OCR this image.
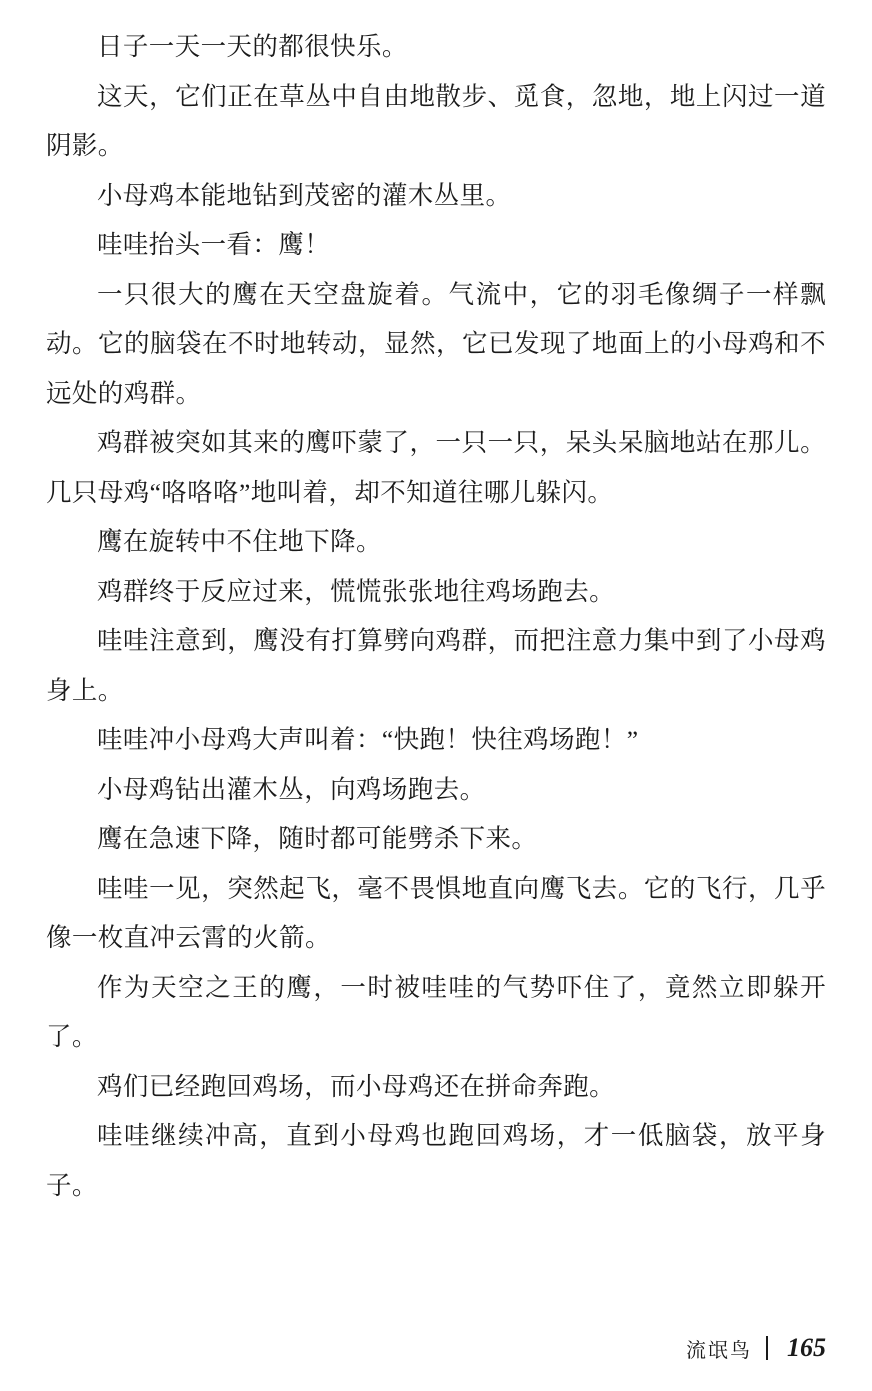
日子一天一天的都很快乐。

这天，它们正在草丛中自由地散步、觅食，忽地，地上闪过一道阴影。

小母鸡本能地钻到茂密的灌木丛里。

哇哇抬头一看：鹰！

一只很大的鹰在天空盘旋着。气流中，它的羽毛像绸子一样飘动。它的脑袋在不时地转动，显然，它已发现了地面上的小母鸡和不远处的鸡群。

鸡群被突如其来的鹰吓蒙了，一只一只，呆头呆脑地站在那儿。几只母鸡“咯咯咯”地叫着，却不知道往哪儿躲闪。

鹰在旋转中不住地下降。

鸡群终于反应过来，慌慌张张地往鸡场跑去。

哇哇注意到，鹰没有打算劈向鸡群，而把注意力集中到了小母鸡身上。

哇哇冲小母鸡大声叫着：“快跑！快往鸡场跑！”

小母鸡钻出灌木丛，向鸡场跑去。

鹰在急速下降，随时都可能劈杀下来。

哇哇一见，突然起飞，毫不畏惧地直向鹰飞去。它的飞行，几乎像一枚直冲云霄的火箭。

作为天空之王的鹰，一时被哇哇的气势吓住了，竟然立即躲开了。

鸡们已经跑回鸡场，而小母鸡还在拼命奔跑。

哇哇继续冲高，直到小母鸡也跑回鸡场，才一低脑袋，放平身子。

流氓鸟 165
